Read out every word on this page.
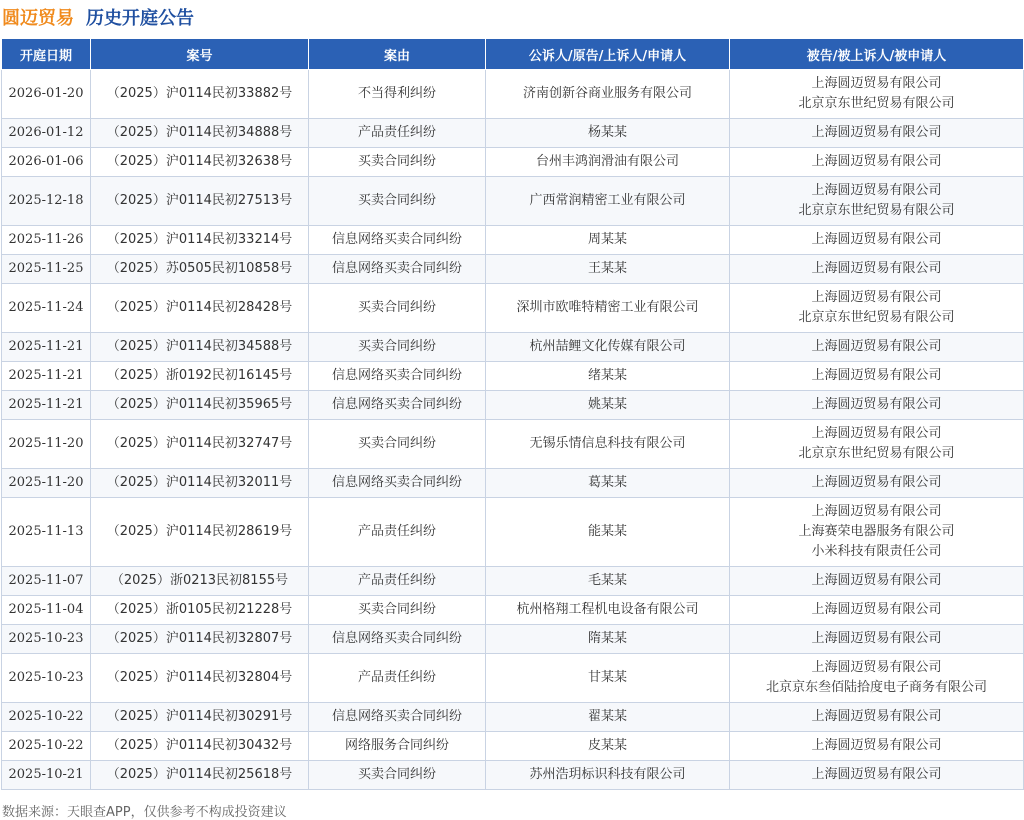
圆迈贸易 历史开庭公告
开庭日期	案号	案由	公诉人/原告/上诉人/申请人	被告/被上诉人/被申请人
2026-01-20	（2025）沪0114民初33882号	不当得利纠纷	济南创新谷商业服务有限公司	上海圆迈贸易有限公司
北京京东世纪贸易有限公司

2026-01-12	（2025）沪0114民初34888号	产品责任纠纷	杨某某	上海圆迈贸易有限公司

2026-01-06	（2025）沪0114民初32638号	买卖合同纠纷	台州丰鸿润滑油有限公司	上海圆迈贸易有限公司

2025-12-18	（2025）沪0114民初27513号	买卖合同纠纷	广西常润精密工业有限公司	上海圆迈贸易有限公司
北京京东世纪贸易有限公司

2025-11-26	（2025）沪0114民初33214号	信息网络买卖合同纠纷	周某某	上海圆迈贸易有限公司

2025-11-25	（2025）苏0505民初10858号	信息网络买卖合同纠纷	王某某	上海圆迈贸易有限公司

2025-11-24	（2025）沪0114民初28428号	买卖合同纠纷	深圳市欧唯特精密工业有限公司	上海圆迈贸易有限公司
北京京东世纪贸易有限公司

2025-11-21	（2025）沪0114民初34588号	买卖合同纠纷	杭州喆鲤文化传媒有限公司	上海圆迈贸易有限公司

2025-11-21	（2025）浙0192民初16145号	信息网络买卖合同纠纷	绪某某	上海圆迈贸易有限公司

2025-11-21	（2025）沪0114民初35965号	信息网络买卖合同纠纷	姚某某	上海圆迈贸易有限公司

2025-11-20	（2025）沪0114民初32747号	买卖合同纠纷	无锡乐情信息科技有限公司	上海圆迈贸易有限公司
北京京东世纪贸易有限公司

2025-11-20	（2025）沪0114民初32011号	信息网络买卖合同纠纷	葛某某	上海圆迈贸易有限公司

2025-11-13	（2025）沪0114民初28619号	产品责任纠纷	能某某	上海圆迈贸易有限公司
上海赛荣电器服务有限公司
小米科技有限责任公司

2025-11-07	（2025）浙0213民初8155号	产品责任纠纷	毛某某	上海圆迈贸易有限公司

2025-11-04	（2025）浙0105民初21228号	买卖合同纠纷	杭州格翔工程机电设备有限公司	上海圆迈贸易有限公司

2025-10-23	（2025）沪0114民初32807号	信息网络买卖合同纠纷	隋某某	上海圆迈贸易有限公司

2025-10-23	（2025）沪0114民初32804号	产品责任纠纷	甘某某	上海圆迈贸易有限公司
北京京东叁佰陆拾度电子商务有限公司

2025-10-22	（2025）沪0114民初30291号	信息网络买卖合同纠纷	翟某某	上海圆迈贸易有限公司

2025-10-22	（2025）沪0114民初30432号	网络服务合同纠纷	皮某某	上海圆迈贸易有限公司

2025-10-21	（2025）沪0114民初25618号	买卖合同纠纷	苏州浩玥标识科技有限公司	上海圆迈贸易有限公司
数据来源：天眼查APP，仅供参考不构成投资建议
